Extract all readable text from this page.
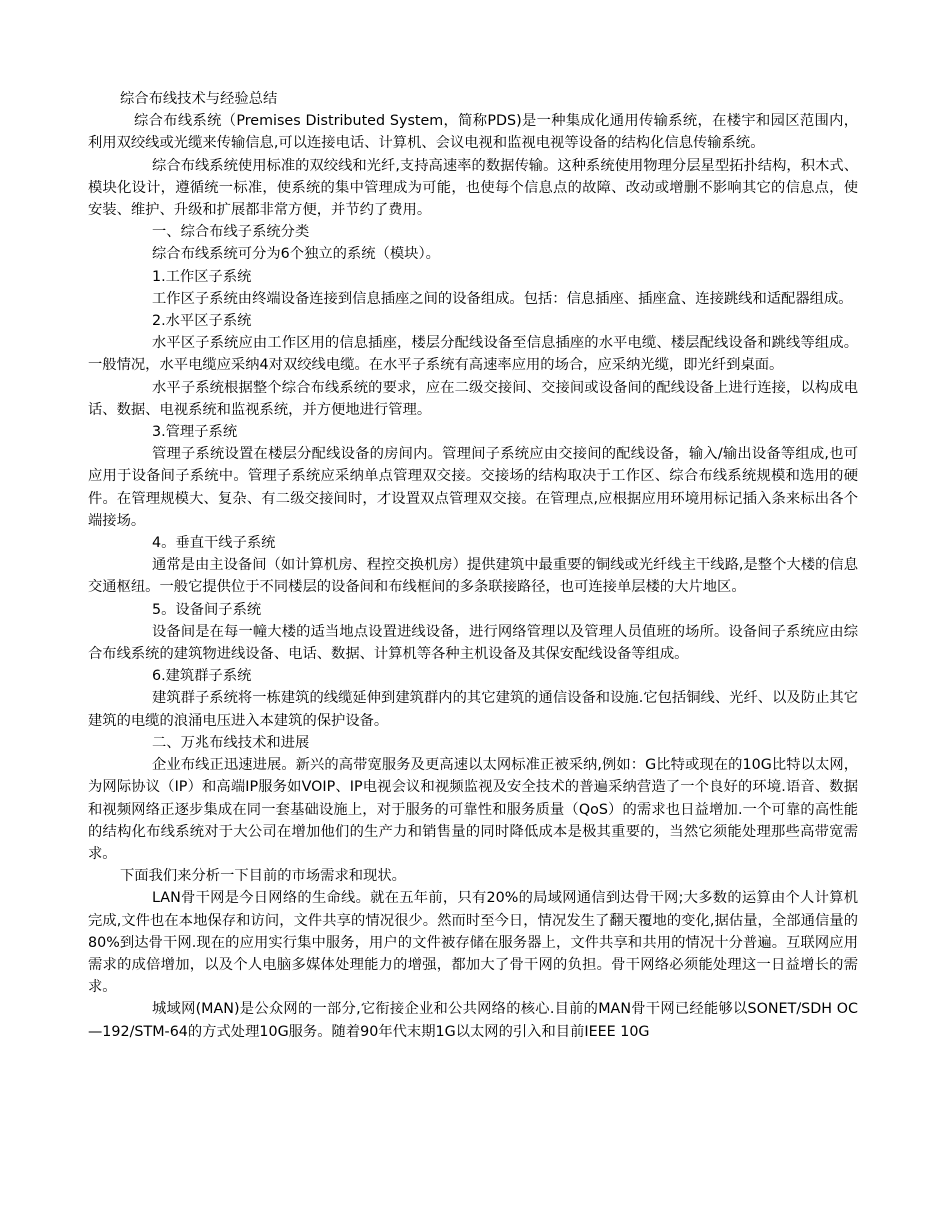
综合布线技术与经验总结

综合布线系统（Premises Distributed System，简称PDS)是一种集成化通用传输系统，在楼宇和园区范围内，利用双绞线或光缆来传输信息,可以连接电话、计算机、会议电视和监视电视等设备的结构化信息传输系统。

综合布线系统使用标准的双绞线和光纤,支持高速率的数据传输。这种系统使用物理分层星型拓扑结构，积木式、模块化设计，遵循统一标准，使系统的集中管理成为可能，也使每个信息点的故障、改动或增删不影响其它的信息点，使安装、维护、升级和扩展都非常方便，并节约了费用。

一、综合布线子系统分类

综合布线系统可分为6个独立的系统（模块）。

1.工作区子系统

工作区子系统由终端设备连接到信息插座之间的设备组成。包括：信息插座、插座盒、连接跳线和适配器组成。

2.水平区子系统

水平区子系统应由工作区用的信息插座，楼层分配线设备至信息插座的水平电缆、楼层配线设备和跳线等组成。一般情况，水平电缆应采纳4对双绞线电缆。在水平子系统有高速率应用的场合，应采纳光缆，即光纤到桌面。

水平子系统根据整个综合布线系统的要求，应在二级交接间、交接间或设备间的配线设备上进行连接，以构成电话、数据、电视系统和监视系统，并方便地进行管理。

3.管理子系统

管理子系统设置在楼层分配线设备的房间内。管理间子系统应由交接间的配线设备，输入/输出设备等组成,也可应用于设备间子系统中。管理子系统应采纳单点管理双交接。交接场的结构取决于工作区、综合布线系统规模和选用的硬件。在管理规模大、复杂、有二级交接间时，才设置双点管理双交接。在管理点,应根据应用环境用标记插入条来标出各个端接场。

4。垂直干线子系统

通常是由主设备间（如计算机房、程控交换机房）提供建筑中最重要的铜线或光纤线主干线路,是整个大楼的信息交通枢纽。一般它提供位于不同楼层的设备间和布线框间的多条联接路径，也可连接单层楼的大片地区。

5。设备间子系统

设备间是在每一幢大楼的适当地点设置进线设备，进行网络管理以及管理人员值班的场所。设备间子系统应由综合布线系统的建筑物进线设备、电话、数据、计算机等各种主机设备及其保安配线设备等组成。

6.建筑群子系统

建筑群子系统将一栋建筑的线缆延伸到建筑群内的其它建筑的通信设备和设施.它包括铜线、光纤、以及防止其它建筑的电缆的浪涌电压进入本建筑的保护设备。

二、万兆布线技术和进展

企业布线正迅速进展。新兴的高带宽服务及更高速以太网标准正被采纳,例如：G比特或现在的10G比特以太网，为网际协议（IP）和高端IP服务如VOIP、IP电视会议和视频监视及安全技术的普遍采纳营造了一个良好的环境.语音、数据和视频网络正逐步集成在同一套基础设施上，对于服务的可靠性和服务质量（QoS）的需求也日益增加.一个可靠的高性能的结构化布线系统对于大公司在增加他们的生产力和销售量的同时降低成本是极其重要的，当然它须能处理那些高带宽需求。

下面我们来分析一下目前的市场需求和现状。

LAN骨干网是今日网络的生命线。就在五年前，只有20%的局域网通信到达骨干网;大多数的运算由个人计算机完成,文件也在本地保存和访问，文件共享的情况很少。然而时至今日，情况发生了翻天覆地的变化,据估量，全部通信量的80%到达骨干网.现在的应用实行集中服务，用户的文件被存储在服务器上，文件共享和共用的情况十分普遍。互联网应用需求的成倍增加，以及个人电脑多媒体处理能力的增强，都加大了骨干网的负担。骨干网络必须能处理这一日益增长的需求。

城域网(MAN)是公众网的一部分,它衔接企业和公共网络的核心.目前的MAN骨干网已经能够以SONET/SDH OC—192/STM-64的方式处理10G服务。随着90年代末期1G以太网的引入和目前IEEE 10G
